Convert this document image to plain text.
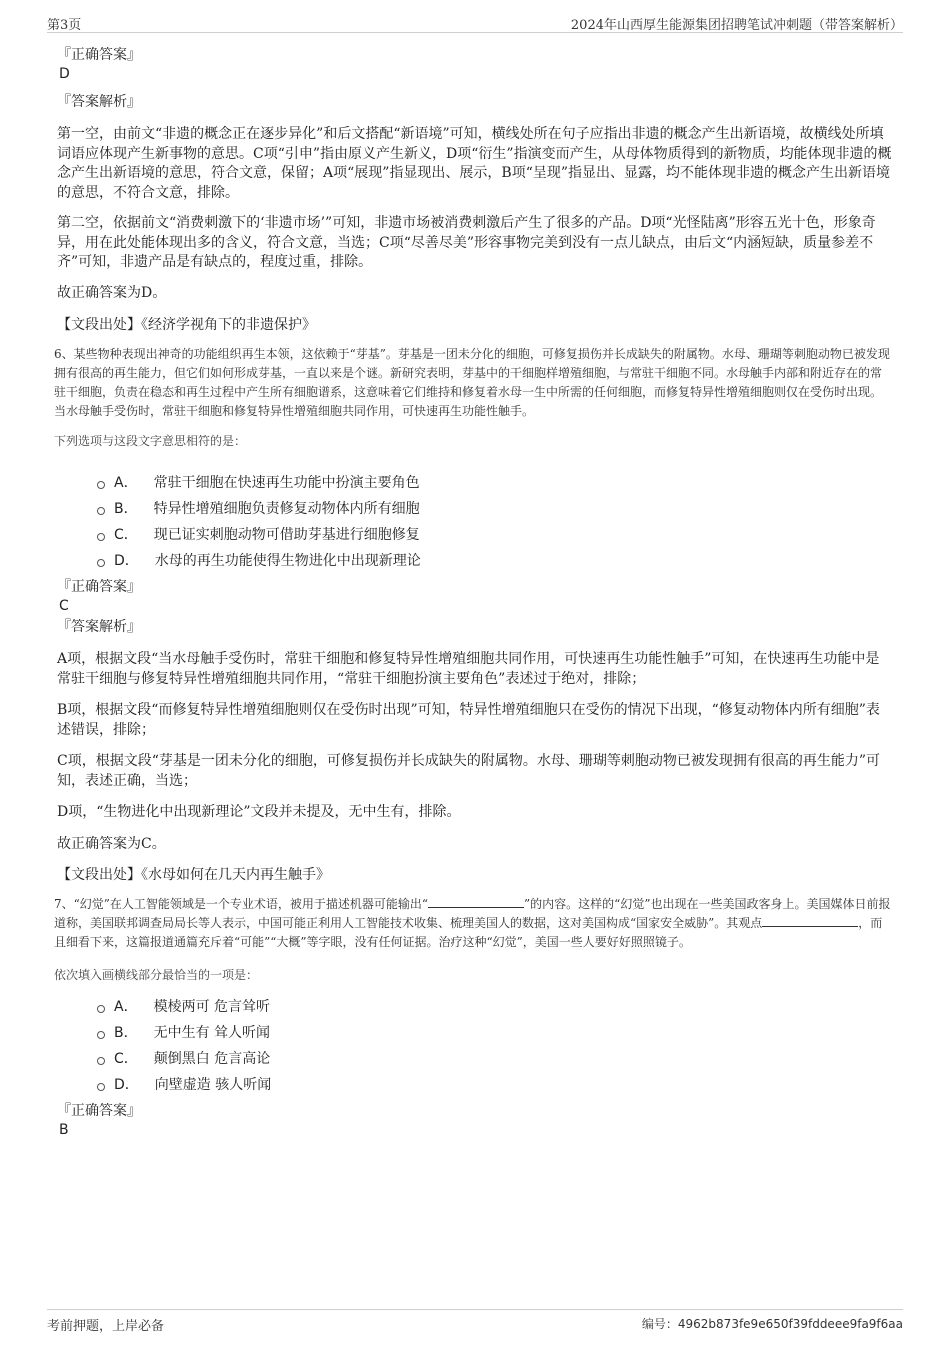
第3页	2024年山西厚生能源集团招聘笔试冲刺题（带答案解析）

『正确答案』

D

『答案解析』

第一空，由前文“非遗的概念正在逐步异化”和后文搭配“新语境”可知，横线处所在句子应指出非遗的概念产生出新语境，故横线处所填词语应体现产生新事物的意思。C项“引申”指由原义产生新义，D项“衍生”指演变而产生，从母体物质得到的新物质，均能体现非遗的概念产生出新语境的意思，符合文意，保留；A项“展现”指显现出、展示，B项“呈现”指显出、显露，均不能体现非遗的概念产生出新语境的意思，不符合文意，排除。

第二空，依据前文“消费刺激下的‘非遗市场’”可知，非遗市场被消费刺激后产生了很多的产品。D项“光怪陆离”形容五光十色，形象奇异，用在此处能体现出多的含义，符合文意，当选；C项“尽善尽美”形容事物完美到没有一点儿缺点，由后文“内涵短缺，质量参差不齐”可知，非遗产品是有缺点的，程度过重，排除。

故正确答案为D。

【文段出处】《经济学视角下的非遗保护》

6、某些物种表现出神奇的功能组织再生本领，这依赖于“芽基”。芽基是一团未分化的细胞，可修复损伤并长成缺失的附属物。水母、珊瑚等刺胞动物已被发现拥有很高的再生能力，但它们如何形成芽基，一直以来是个谜。新研究表明，芽基中的干细胞样增殖细胞，与常驻干细胞不同。水母触手内部和附近存在的常驻干细胞，负责在稳态和再生过程中产生所有细胞谱系，这意味着它们维持和修复着水母一生中所需的任何细胞，而修复特异性增殖细胞则仅在受伤时出现。当水母触手受伤时，常驻干细胞和修复特异性增殖细胞共同作用，可快速再生功能性触手。

下列选项与这段文字意思相符的是：

A． 常驻干细胞在快速再生功能中扮演主要角色
B． 特异性增殖细胞负责修复动物体内所有细胞
C． 现已证实刺胞动物可借助芽基进行细胞修复
D． 水母的再生功能使得生物进化中出现新理论

『正确答案』

C

『答案解析』

A项，根据文段“当水母触手受伤时，常驻干细胞和修复特异性增殖细胞共同作用，可快速再生功能性触手”可知，在快速再生功能中是常驻干细胞与修复特异性增殖细胞共同作用，“常驻干细胞扮演主要角色”表述过于绝对，排除；

B项，根据文段“而修复特异性增殖细胞则仅在受伤时出现”可知，特异性增殖细胞只在受伤的情况下出现，“修复动物体内所有细胞”表述错误，排除；

C项，根据文段“芽基是一团未分化的细胞，可修复损伤并长成缺失的附属物。水母、珊瑚等刺胞动物已被发现拥有很高的再生能力”可知，表述正确，当选；

D项，“生物进化中出现新理论”文段并未提及，无中生有，排除。

故正确答案为C。

【文段出处】《水母如何在几天内再生触手》

7、“幻觉”在人工智能领域是一个专业术语，被用于描述机器可能输出“	”的内容。这样的“幻觉”也出现在一些美国政客身上。美国媒体日前报道称，美国联邦调查局局长等人表示，中国可能正利用人工智能技术收集、梳理美国人的数据，这对美国构成“国家安全威胁”。其观点	，而且细看下来，这篇报道通篇充斥着“可能”“大概”等字眼，没有任何证据。治疗这种“幻觉”，美国一些人要好好照照镜子。

依次填入画横线部分最恰当的一项是：

A． 模棱两可 危言耸听
B． 无中生有 耸人听闻
C． 颠倒黑白 危言高论
D． 向壁虚造 骇人听闻

『正确答案』

B

考前押题，上岸必备	编号：4962b873fe9e650f39fddeee9fa9f6aa
